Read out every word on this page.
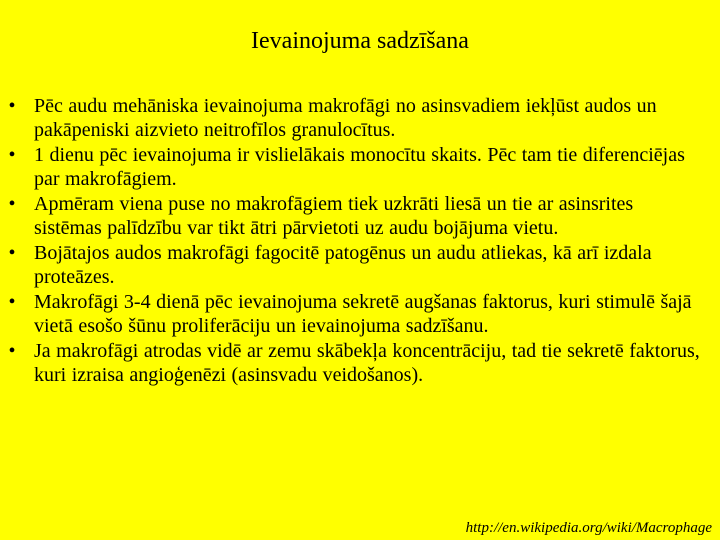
Ievainojuma sadzīšana
• Pēc audu mehāniska ievainojuma makrofāgi no asinsvadiem iekļūst audos un pakāpeniski aizvieto neitrofīlos granulocītus.
• 1 dienu pēc ievainojuma ir vislielākais monocītu skaits. Pēc tam tie diferenciējas par makrofāgiem.
• Apmēram viena puse no makrofāgiem tiek uzkrāti liesā un tie ar asinsrites sistēmas palīdzību var tikt ātri pārvietoti uz audu bojājuma vietu.
• Bojātajos audos makrofāgi fagocitē patogēnus un audu atliekas, kā arī izdala proteāzes.
• Makrofāgi 3-4 dienā pēc ievainojuma sekretē augšanas faktorus, kuri stimulē šajā vietā esošo šūnu proliferāciju un ievainojuma sadzīšanu.
• Ja makrofāgi atrodas vidē ar zemu skābekļa koncentrāciju, tad tie sekretē faktorus, kuri izraisa angioģenēzi (asinsvadu veidošanos).
http://en.wikipedia.org/wiki/Macrophage
